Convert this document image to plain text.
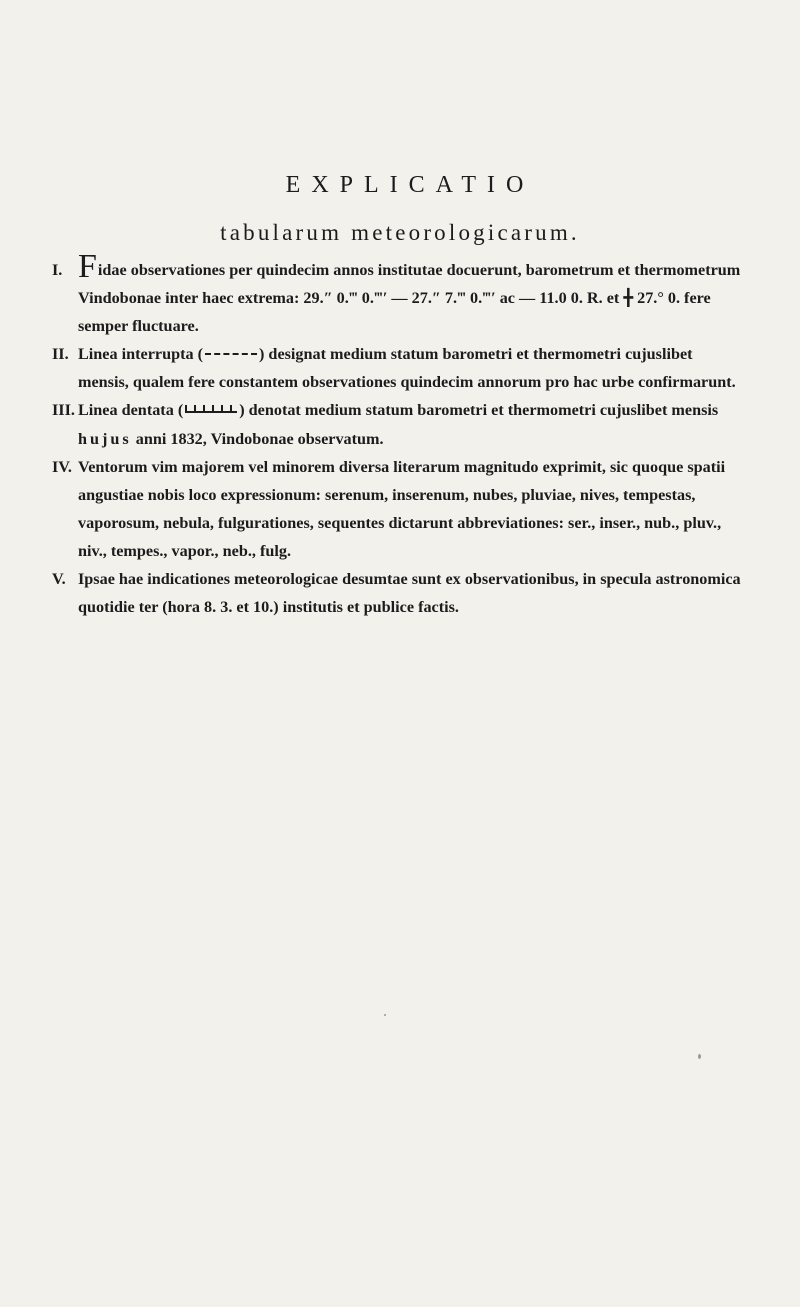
EXPLICATIO
tabularum meteorologicarum.

I. Fidae observationes per quindecim annos institutae docuerunt, barometrum et thermometrum Vindobonae inter haec extrema: 29.″ 0.‴ 0.‴′ — 27.″ 7.‴ 0.‴′ ac — 11.0 0. R. et ╋ 27.° 0. fere semper fluctuare.

II. Linea interrupta (	) designat medium statum barometri et thermometri cujuslibet mensis, qualem fere constantem observationes quindecim annorum pro hac urbe confirmarunt.

III. Linea dentata (	) denotat medium statum barometri et thermometri cujuslibet mensis hujus anni 1832, Vindobonae observatum.

IV. Ventorum vim majorem vel minorem diversa literarum magnitudo exprimit, sic quoque spatii angustiae nobis loco expressionum: serenum, inserenum, nubes, pluviae, nives, tempestas, vaporosum, nebula, fulgurationes, sequentes dictarunt abbreviationes: ser., inser., nub., pluv., niv., tempes., vapor., neb., fulg.

V. Ipsae hae indicationes meteorologicae desumtae sunt ex observationibus, in specula astronomica quotidie ter (hora 8. 3. et 10.) institutis et publice factis.
